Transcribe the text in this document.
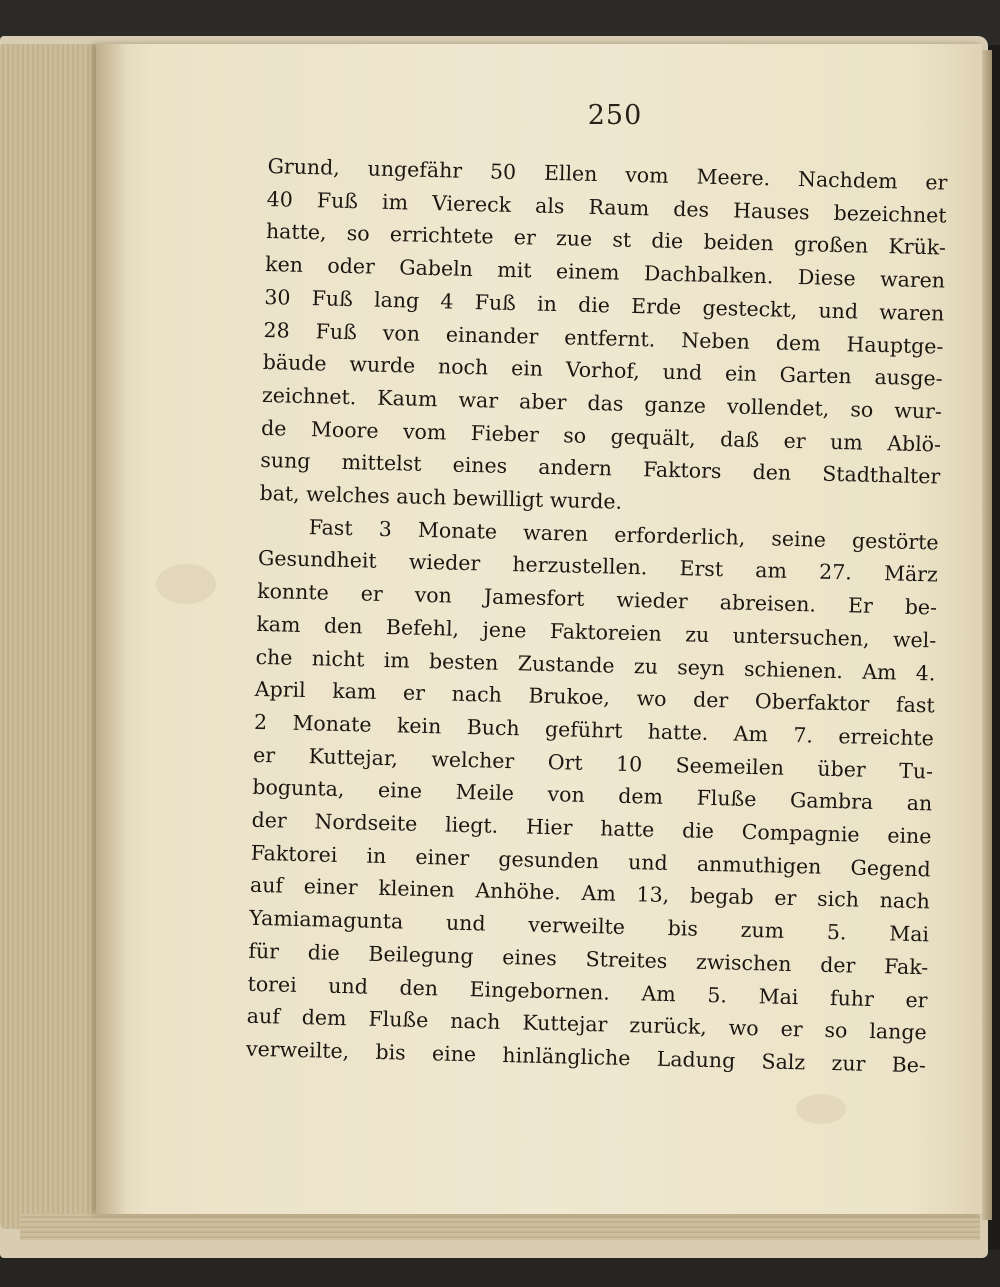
250
Grund, ungefähr 50 Ellen vom Meere. Nachdem er
40 Fuß im Viereck als Raum des Hauses bezeichnet
hatte, so errichtete er zue st die beiden großen Krük-
ken oder Gabeln mit einem Dachbalken. Diese waren
30 Fuß lang 4 Fuß in die Erde gesteckt, und waren
28 Fuß von einander entfernt. Neben dem Hauptge-
bäude wurde noch ein Vorhof, und ein Garten ausge-
zeichnet. Kaum war aber das ganze vollendet, so wur-
de Moore vom Fieber so gequält, daß er um Ablö-
sung mittelst eines andern Faktors den Stadthalter
bat, welches auch bewilligt wurde.
Fast 3 Monate waren erforderlich, seine gestörte
Gesundheit wieder herzustellen. Erst am 27. März
konnte er von Jamesfort wieder abreisen. Er be-
kam den Befehl, jene Faktoreien zu untersuchen, wel-
che nicht im besten Zustande zu seyn schienen. Am 4.
April kam er nach Brukoe, wo der Oberfaktor fast
2 Monate kein Buch geführt hatte. Am 7. erreichte
er Kuttejar, welcher Ort 10 Seemeilen über Tu-
bogunta, eine Meile von dem Fluße Gambra an
der Nordseite liegt. Hier hatte die Compagnie eine
Faktorei in einer gesunden und anmuthigen Gegend
auf einer kleinen Anhöhe. Am 13, begab er sich nach
Yamiamagunta und verweilte bis zum 5. Mai
für die Beilegung eines Streites zwischen der Fak-
torei und den Eingebornen. Am 5. Mai fuhr er
auf dem Fluße nach Kuttejar zurück, wo er so lange
verweilte, bis eine hinlängliche Ladung Salz zur Be-
